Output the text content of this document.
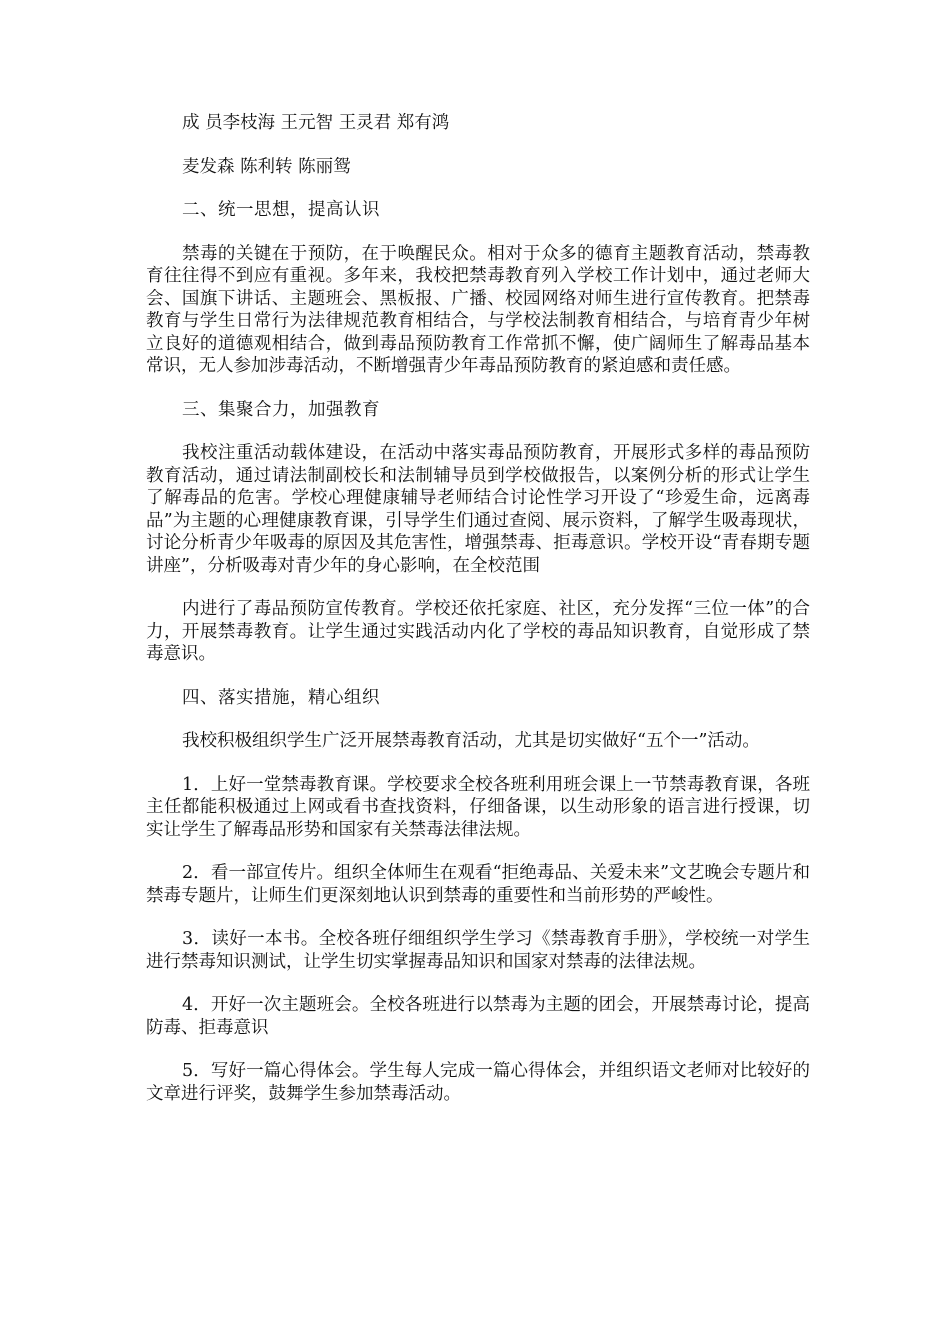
成 员李枝海 王元智 王灵君 郑有鸿

麦发森 陈利转 陈丽鸳

二、统一思想，提高认识

禁毒的关键在于预防，在于唤醒民众。相对于众多的德育主题教育活动，禁毒教育往往得不到应有重视。多年来，我校把禁毒教育列入学校工作计划中，通过老师大会、国旗下讲话、主题班会、黑板报、广播、校园网络对师生进行宣传教育。把禁毒教育与学生日常行为法律规范教育相结合，与学校法制教育相结合，与培育青少年树立良好的道德观相结合，做到毒品预防教育工作常抓不懈，使广阔师生了解毒品基本常识，无人参加涉毒活动，不断增强青少年毒品预防教育的紧迫感和责任感。

三、集聚合力，加强教育

我校注重活动载体建设，在活动中落实毒品预防教育，开展形式多样的毒品预防教育活动，通过请法制副校长和法制辅导员到学校做报告，以案例分析的形式让学生了解毒品的危害。学校心理健康辅导老师结合讨论性学习开设了“珍爱生命，远离毒品”为主题的心理健康教育课，引导学生们通过查阅、展示资料，了解学生吸毒现状，讨论分析青少年吸毒的原因及其危害性，增强禁毒、拒毒意识。学校开设“青春期专题讲座”，分析吸毒对青少年的身心影响，在全校范围

内进行了毒品预防宣传教育。学校还依托家庭、社区，充分发挥“三位一体”的合力，开展禁毒教育。让学生通过实践活动内化了学校的毒品知识教育，自觉形成了禁毒意识。

四、落实措施，精心组织

我校积极组织学生广泛开展禁毒教育活动，尤其是切实做好“五个一”活动。

1．上好一堂禁毒教育课。学校要求全校各班利用班会课上一节禁毒教育课，各班主任都能积极通过上网或看书查找资料，仔细备课，以生动形象的语言进行授课，切实让学生了解毒品形势和国家有关禁毒法律法规。

2．看一部宣传片。组织全体师生在观看“拒绝毒品、关爱未来”文艺晚会专题片和禁毒专题片，让师生们更深刻地认识到禁毒的重要性和当前形势的严峻性。

3．读好一本书。全校各班仔细组织学生学习《禁毒教育手册》，学校统一对学生进行禁毒知识测试，让学生切实掌握毒品知识和国家对禁毒的法律法规。

4．开好一次主题班会。全校各班进行以禁毒为主题的团会，开展禁毒讨论，提高防毒、拒毒意识

5．写好一篇心得体会。学生每人完成一篇心得体会，并组织语文老师对比较好的文章进行评奖，鼓舞学生参加禁毒活动。
